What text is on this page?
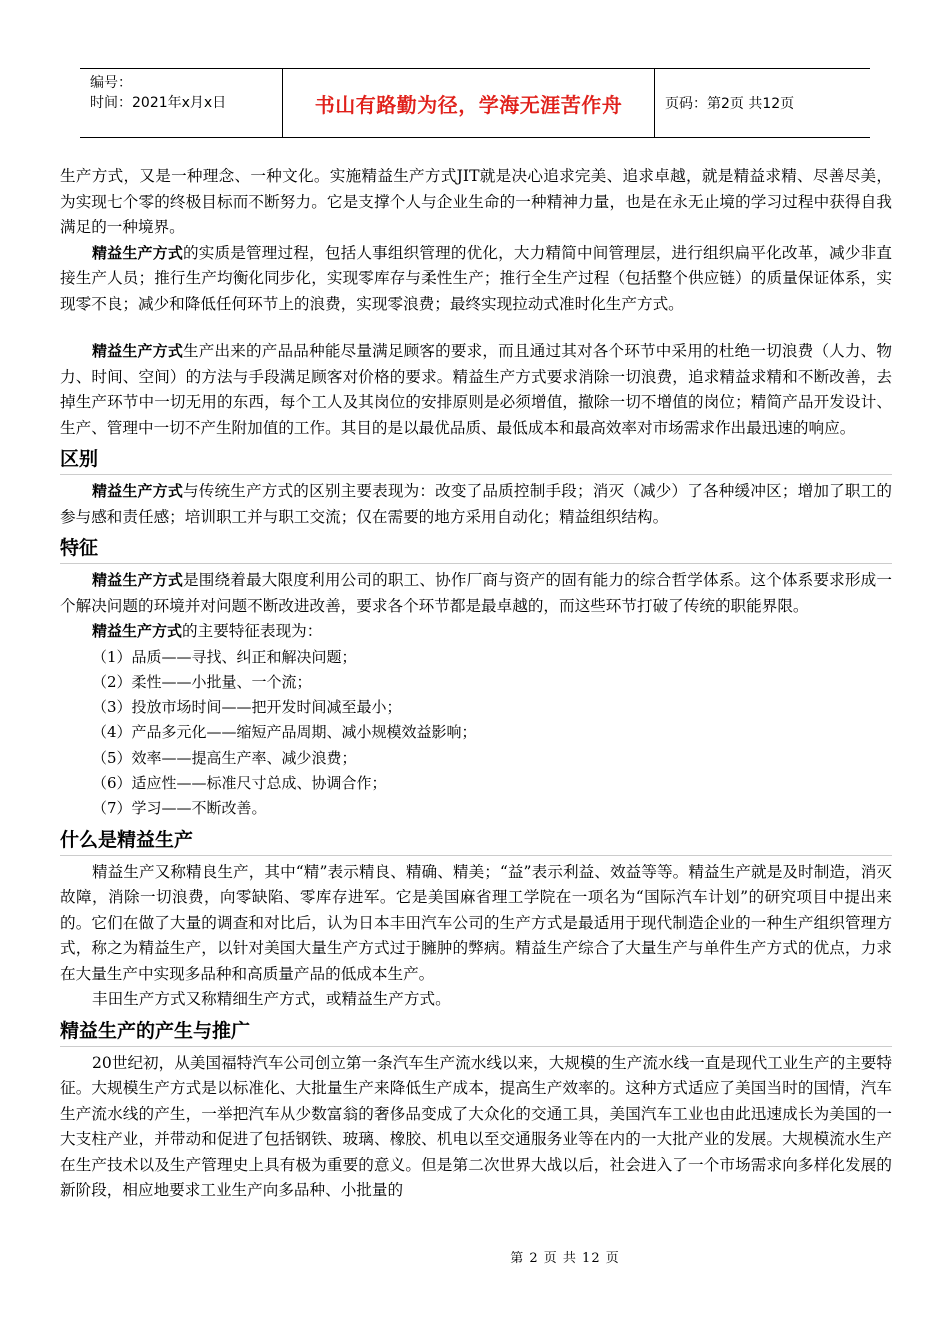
编号：
时间：2021年x月x日	书山有路勤为径，学海无涯苦作舟	页码：第2页 共12页

生产方式，又是一种理念、一种文化。实施精益生产方式JIT就是决心追求完美、追求卓越，就是精益求精、尽善尽美，为实现七个零的终极目标而不断努力。它是支撑个人与企业生命的一种精神力量，也是在永无止境的学习过程中获得自我满足的一种境界。

精益生产方式的实质是管理过程，包括人事组织管理的优化，大力精简中间管理层，进行组织扁平化改革，减少非直接生产人员；推行生产均衡化同步化，实现零库存与柔性生产；推行全生产过程（包括整个供应链）的质量保证体系，实现零不良；减少和降低任何环节上的浪费，实现零浪费；最终实现拉动式准时化生产方式。

精益生产方式生产出来的产品品种能尽量满足顾客的要求，而且通过其对各个环节中采用的杜绝一切浪费（人力、物力、时间、空间）的方法与手段满足顾客对价格的要求。精益生产方式要求消除一切浪费，追求精益求精和不断改善，去掉生产环节中一切无用的东西，每个工人及其岗位的安排原则是必须增值，撤除一切不增值的岗位；精简产品开发设计、生产、管理中一切不产生附加值的工作。其目的是以最优品质、最低成本和最高效率对市场需求作出最迅速的响应。

区别

精益生产方式与传统生产方式的区别主要表现为：改变了品质控制手段；消灭（减少）了各种缓冲区；增加了职工的参与感和责任感；培训职工并与职工交流；仅在需要的地方采用自动化；精益组织结构。

特征

精益生产方式是围绕着最大限度利用公司的职工、协作厂商与资产的固有能力的综合哲学体系。这个体系要求形成一个解决问题的环境并对问题不断改进改善，要求各个环节都是最卓越的，而这些环节打破了传统的职能界限。

精益生产方式的主要特征表现为：

（1）品质——寻找、纠正和解决问题；

（2）柔性——小批量、一个流；

（3）投放市场时间——把开发时间减至最小；

（4）产品多元化——缩短产品周期、减小规模效益影响；

（5）效率——提高生产率、减少浪费；

（6）适应性——标准尺寸总成、协调合作；

（7）学习——不断改善。

什么是精益生产

精益生产又称精良生产，其中“精”表示精良、精确、精美；“益”表示利益、效益等等。精益生产就是及时制造，消灭故障，消除一切浪费，向零缺陷、零库存进军。它是美国麻省理工学院在一项名为“国际汽车计划”的研究项目中提出来的。它们在做了大量的调查和对比后，认为日本丰田汽车公司的生产方式是最适用于现代制造企业的一种生产组织管理方式，称之为精益生产，以针对美国大量生产方式过于臃肿的弊病。精益生产综合了大量生产与单件生产方式的优点，力求在大量生产中实现多品种和高质量产品的低成本生产。

丰田生产方式又称精细生产方式，或精益生产方式。

精益生产的产生与推广

20世纪初，从美国福特汽车公司创立第一条汽车生产流水线以来，大规模的生产流水线一直是现代工业生产的主要特征。大规模生产方式是以标准化、大批量生产来降低生产成本，提高生产效率的。这种方式适应了美国当时的国情，汽车生产流水线的产生，一举把汽车从少数富翁的奢侈品变成了大众化的交通工具，美国汽车工业也由此迅速成长为美国的一大支柱产业，并带动和促进了包括钢铁、玻璃、橡胶、机电以至交通服务业等在内的一大批产业的发展。大规模流水生产在生产技术以及生产管理史上具有极为重要的意义。但是第二次世界大战以后，社会进入了一个市场需求向多样化发展的新阶段，相应地要求工业生产向多品种、小批量的

第 2 页 共 12 页
